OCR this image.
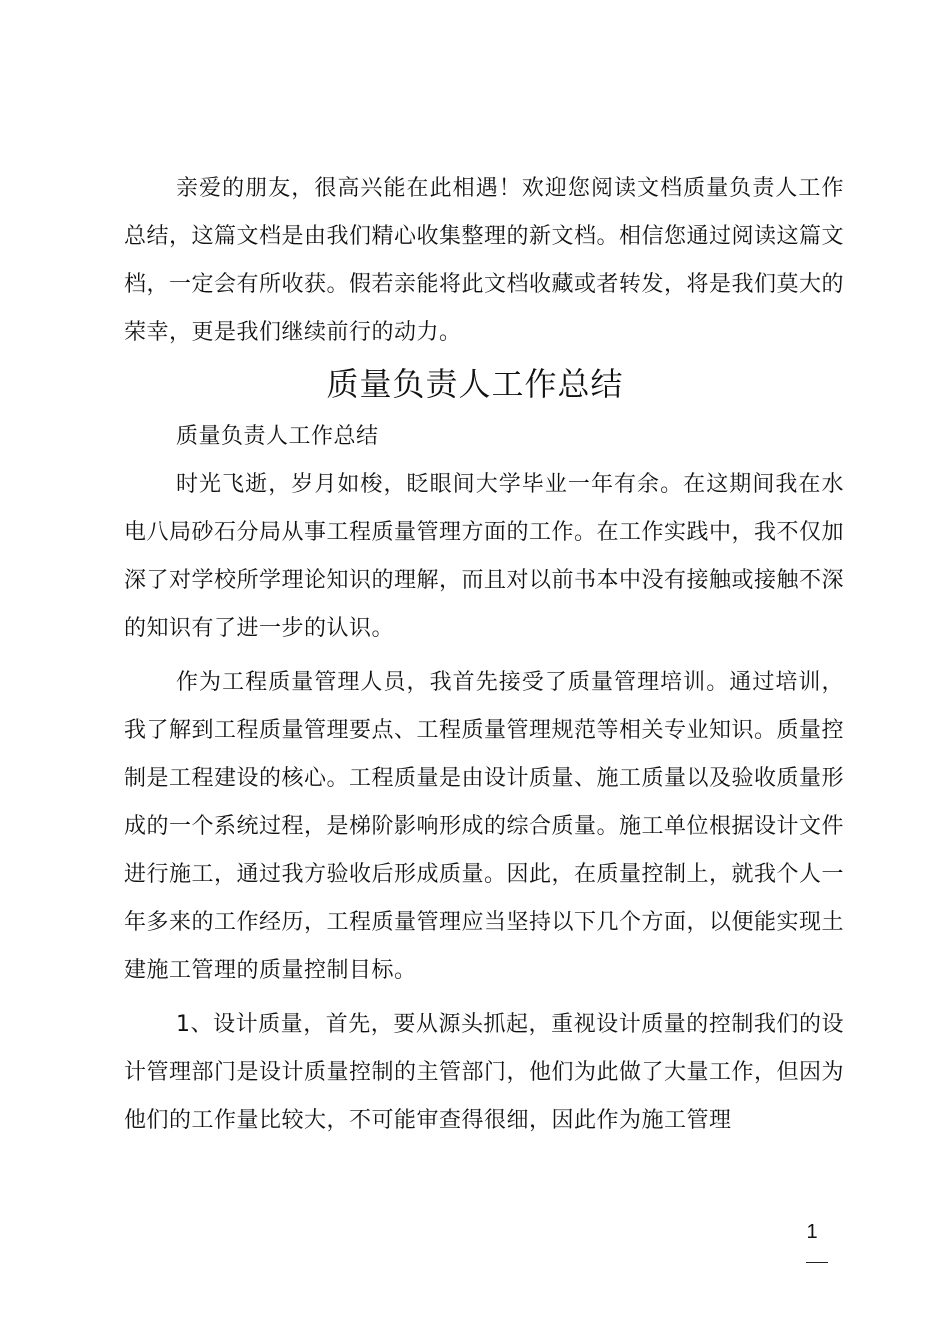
亲爱的朋友，很高兴能在此相遇！欢迎您阅读文档质量负责人工作总结，这篇文档是由我们精心收集整理的新文档。相信您通过阅读这篇文档，一定会有所收获。假若亲能将此文档收藏或者转发，将是我们莫大的荣幸，更是我们继续前行的动力。

质量负责人工作总结

质量负责人工作总结

时光飞逝，岁月如梭，眨眼间大学毕业一年有余。在这期间我在水电八局砂石分局从事工程质量管理方面的工作。在工作实践中，我不仅加深了对学校所学理论知识的理解，而且对以前书本中没有接触或接触不深的知识有了进一步的认识。

作为工程质量管理人员，我首先接受了质量管理培训。通过培训，我了解到工程质量管理要点、工程质量管理规范等相关专业知识。质量控制是工程建设的核心。工程质量是由设计质量、施工质量以及验收质量形成的一个系统过程，是梯阶影响形成的综合质量。施工单位根据设计文件进行施工，通过我方验收后形成质量。因此，在质量控制上，就我个人一年多来的工作经历，工程质量管理应当坚持以下几个方面，以便能实现土建施工管理的质量控制目标。

1、设计质量，首先，要从源头抓起，重视设计质量的控制我们的设计管理部门是设计质量控制的主管部门，他们为此做了大量工作，但因为他们的工作量比较大，不可能审查得很细，因此作为施工管理

1
